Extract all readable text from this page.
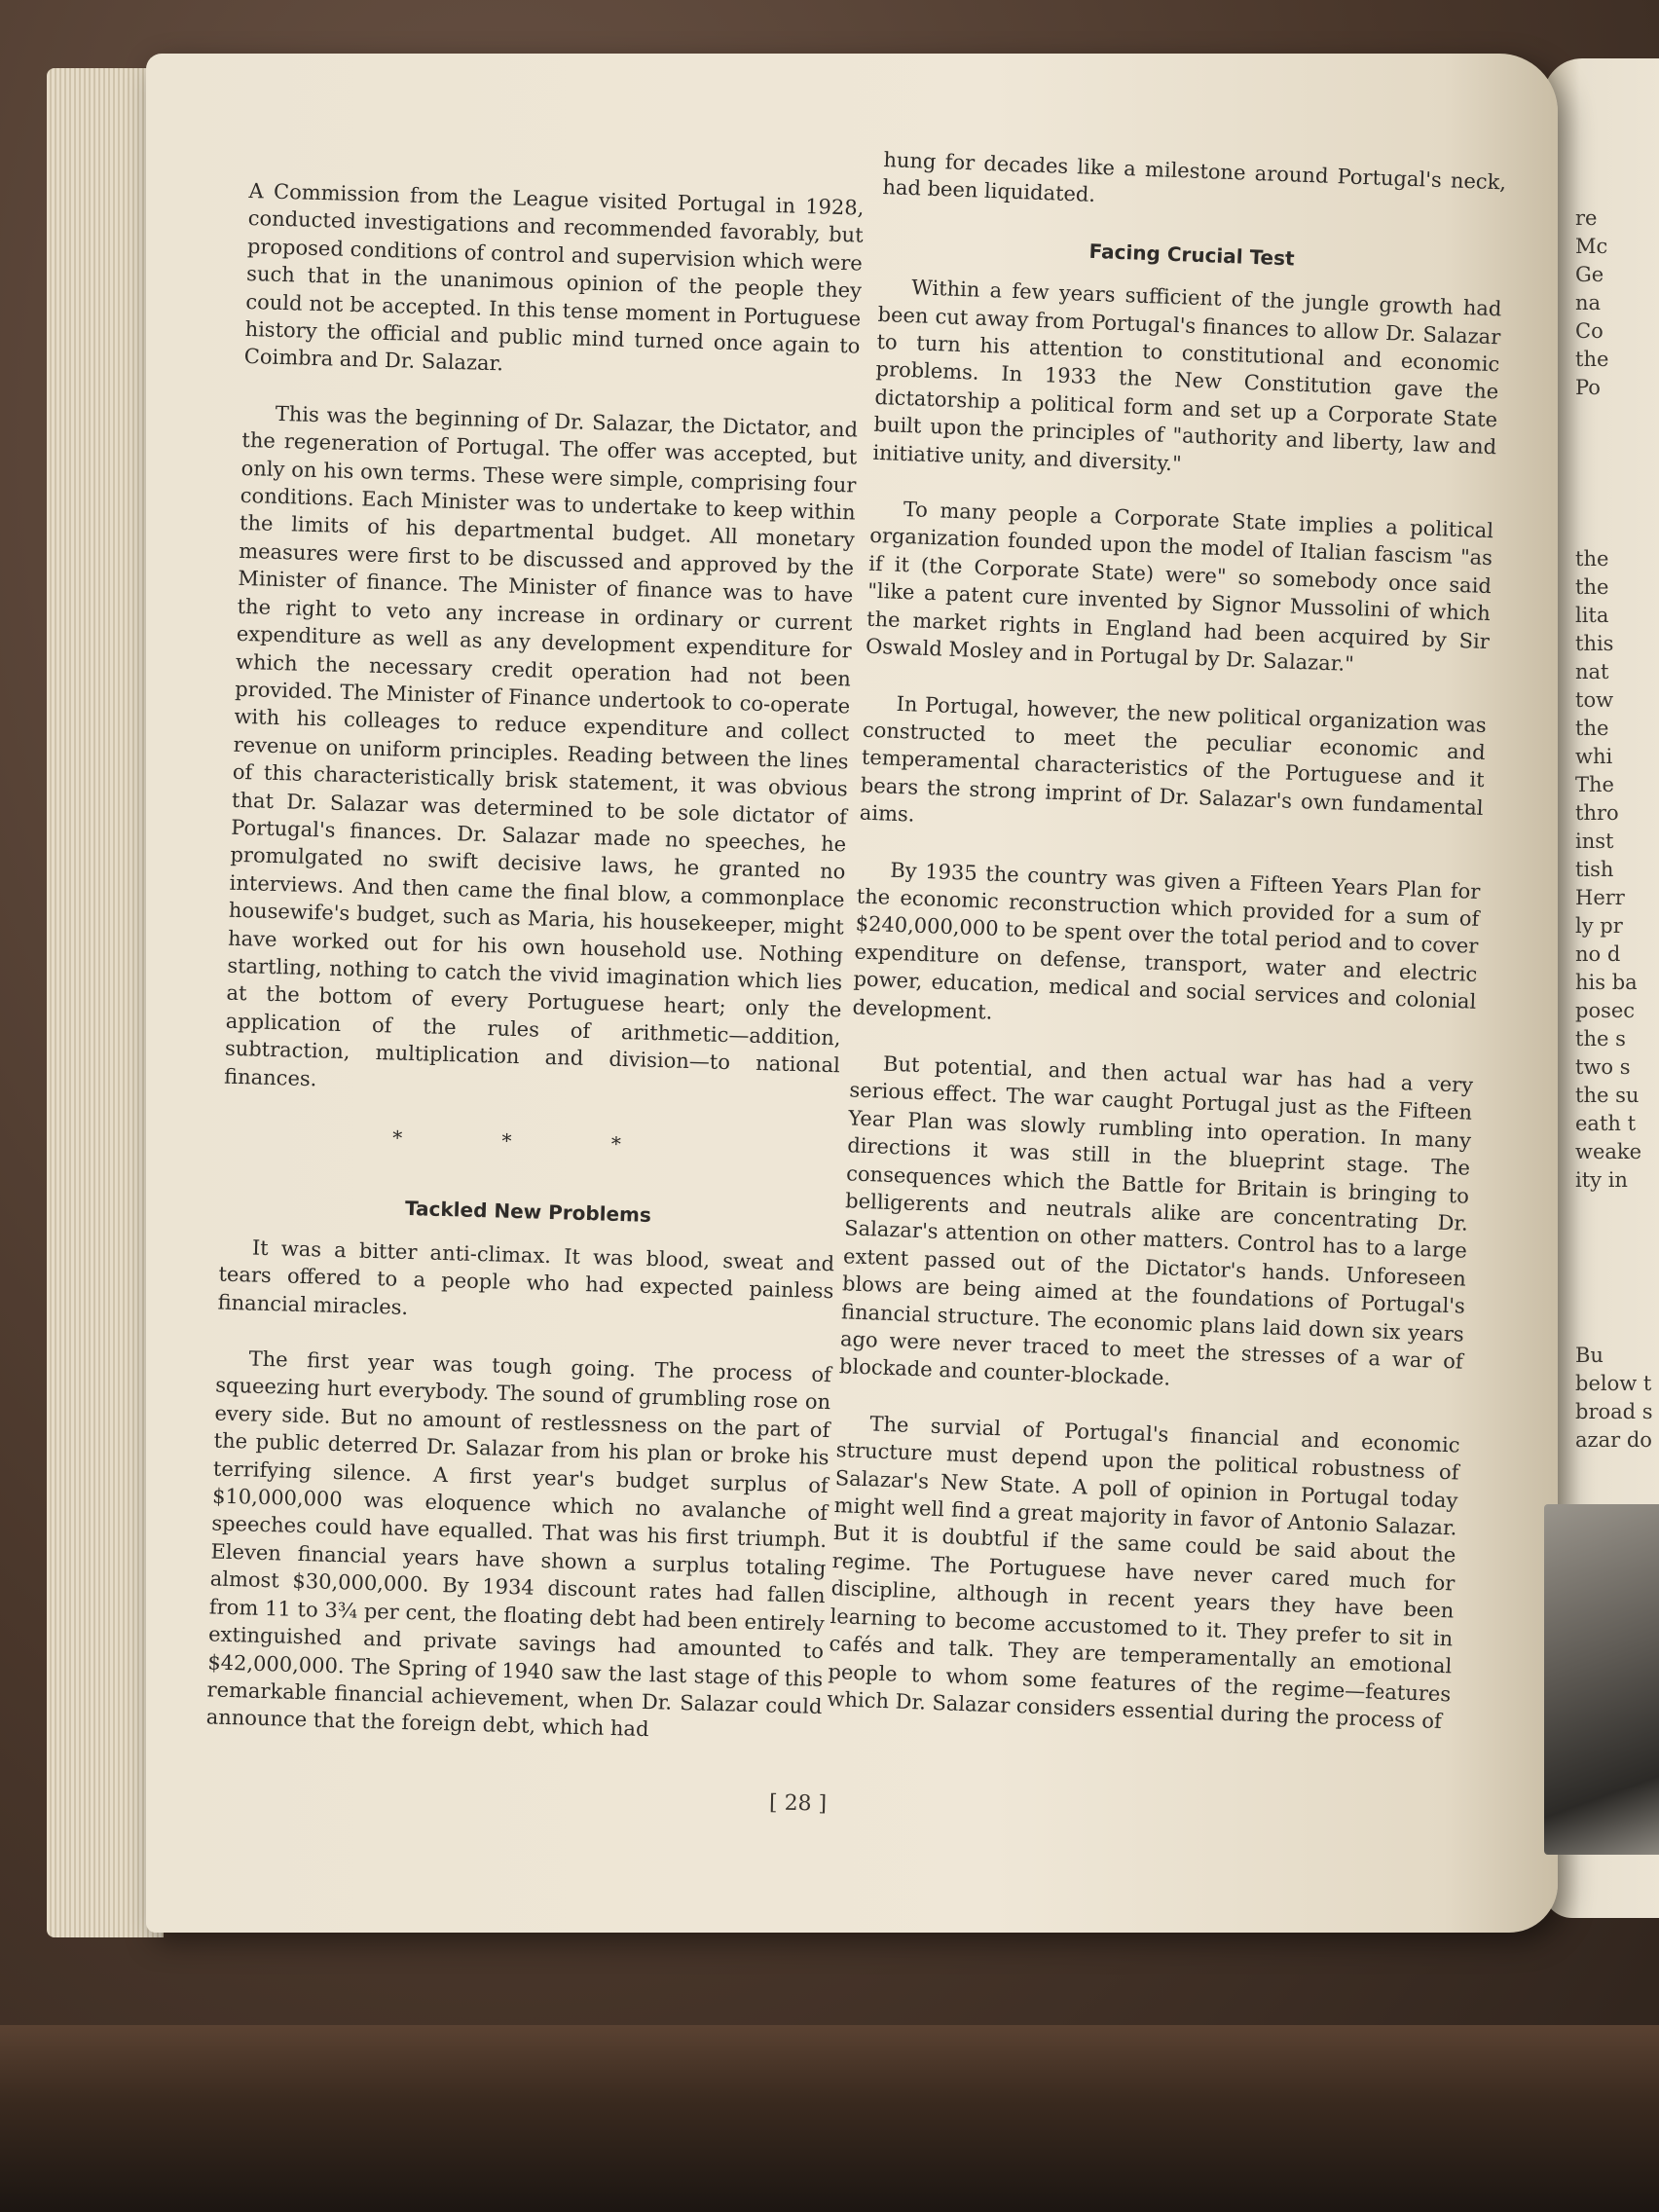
A Commission from the League visited Portugal in 1928, conducted investigations and recommended favorably, but proposed conditions of control and supervision which were such that in the unanimous opinion of the people they could not be accepted. In this tense moment in Portuguese history the official and public mind turned once again to Coimbra and Dr. Salazar.

This was the beginning of Dr. Salazar, the Dictator, and the regeneration of Portugal. The offer was accepted, but only on his own terms. These were simple, comprising four conditions. Each Minister was to undertake to keep within the limits of his departmental budget. All monetary measures were first to be discussed and approved by the Minister of finance. The Minister of finance was to have the right to veto any increase in ordinary or current expenditure as well as any development expenditure for which the necessary credit operation had not been provided. The Minister of Finance undertook to co-operate with his colleages to reduce expenditure and collect revenue on uniform principles. Reading between the lines of this characteristically brisk statement, it was obvious that Dr. Salazar was determined to be sole dictator of Portugal's finances. Dr. Salazar made no speeches, he promulgated no swift decisive laws, he granted no interviews. And then came the final blow, a commonplace housewife's budget, such as Maria, his housekeeper, might have worked out for his own household use. Nothing startling, nothing to catch the vivid imagination which lies at the bottom of every Portuguese heart; only the application of the rules of arithmetic—addition, subtraction, multiplication and division—to national finances.

* * *
Tackled New Problems

It was a bitter anti-climax. It was blood, sweat and tears offered to a people who had expected painless financial miracles.

The first year was tough going. The process of squeezing hurt everybody. The sound of grumbling rose on every side. But no amount of restlessness on the part of the public deterred Dr. Salazar from his plan or broke his terrifying silence. A first year's budget surplus of $10,000,000 was eloquence which no avalanche of speeches could have equalled. That was his first triumph. Eleven financial years have shown a surplus totaling almost $30,000,000. By 1934 discount rates had fallen from 11 to 3¾ per cent, the floating debt had been entirely extinguished and private savings had amounted to $42,000,000. The Spring of 1940 saw the last stage of this remarkable financial achievement, when Dr. Salazar could announce that the foreign debt, which had

hung for decades like a milestone around Portugal's neck, had been liquidated.

Facing Crucial Test

Within a few years sufficient of the jungle growth had been cut away from Portugal's finances to allow Dr. Salazar to turn his attention to constitutional and economic problems. In 1933 the New Constitution gave the dictatorship a political form and set up a Corporate State built upon the principles of "authority and liberty, law and initiative unity, and diversity."

To many people a Corporate State implies a political organization founded upon the model of Italian fascism "as if it (the Corporate State) were" so somebody once said "like a patent cure invented by Signor Mussolini of which the market rights in England had been acquired by Sir Oswald Mosley and in Portugal by Dr. Salazar."

In Portugal, however, the new political organization was constructed to meet the peculiar economic and temperamental characteristics of the Portuguese and it bears the strong imprint of Dr. Salazar's own fundamental aims.

By 1935 the country was given a Fifteen Years Plan for the economic reconstruction which provided for a sum of $240,000,000 to be spent over the total period and to cover expenditure on defense, transport, water and electric power, education, medical and social services and colonial development.

But potential, and then actual war has had a very serious effect. The war caught Portugal just as the Fifteen Year Plan was slowly rumbling into operation. In many directions it was still in the blueprint stage. The consequences which the Battle for Britain is bringing to belligerents and neutrals alike are concentrating Dr. Salazar's attention on other matters. Control has to a large extent passed out of the Dictator's hands. Unforeseen blows are being aimed at the foundations of Portugal's financial structure. The economic plans laid down six years ago were never traced to meet the stresses of a war of blockade and counter-blockade.

The survial of Portugal's financial and economic structure must depend upon the political robustness of Salazar's New State. A poll of opinion in Portugal today might well find a great majority in favor of Antonio Salazar. But it is doubtful if the same could be said about the regime. The Portuguese have never cared much for discipline, although in recent years they have been learning to become accustomed to it. They prefer to sit in cafés and talk. They are temperamentally an emotional people to whom some features of the regime—features which Dr. Salazar considers essential during the process of

[ 28 ]
re
Mc
Ge
na
Co
the
Po
the
the
lita
this
nat
tow
the
whi
The
thro
inst
tish
Herr
ly pr
no d
his ba
posec
the s
two s
the su
eath t
weake
ity in
Bu
below t
broad s
azar do
